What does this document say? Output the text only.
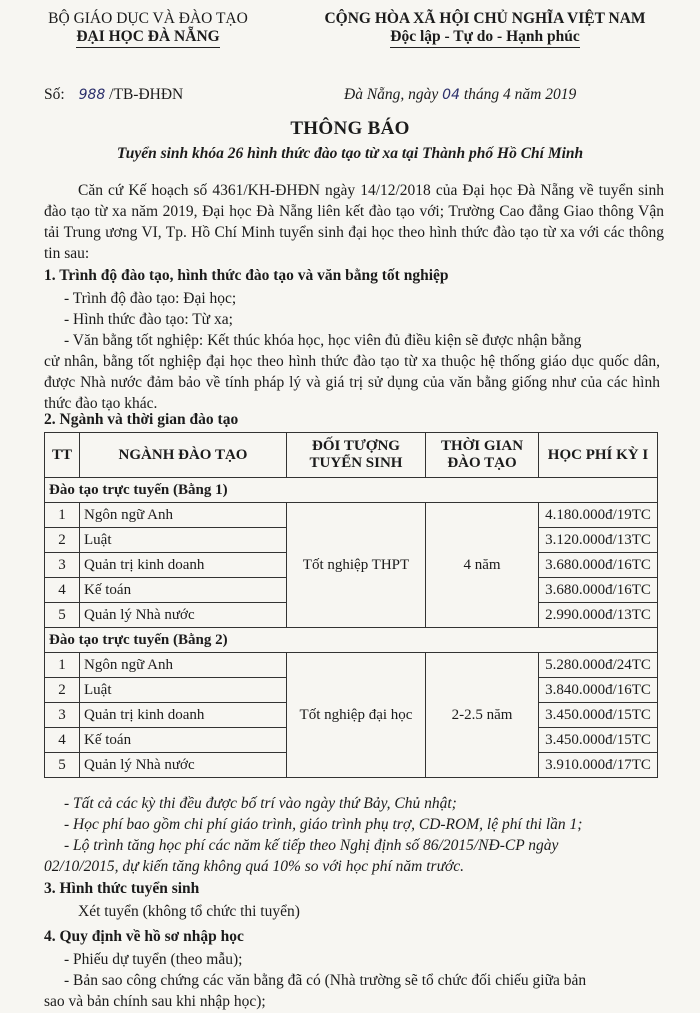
BỘ GIÁO DỤC VÀ ĐÀO TẠO
ĐẠI HỌC ĐÀ NẴNG
CỘNG HÒA XÃ HỘI CHỦ NGHĨA VIỆT NAM
Độc lập - Tự do - Hạnh phúc
Số: 988 /TB-ĐHĐN	Đà Nẵng, ngày 04 tháng 4 năm 2019
THÔNG BÁO
Tuyển sinh khóa 26 hình thức đào tạo từ xa tại Thành phố Hồ Chí Minh
Căn cứ Kế hoạch số 4361/KH-ĐHĐN ngày 14/12/2018 của Đại học Đà Nẵng về tuyển sinh đào tạo từ xa năm 2019, Đại học Đà Nẵng liên kết đào tạo với; Trường Cao đẳng Giao thông Vận tải Trung ương VI, Tp. Hồ Chí Minh tuyển sinh đại học theo hình thức đào tạo từ xa với các thông tin sau:
1. Trình độ đào tạo, hình thức đào tạo và văn bằng tốt nghiệp
- Trình độ đào tạo: Đại học;
- Hình thức đào tạo: Từ xa;
- Văn bằng tốt nghiệp: Kết thúc khóa học, học viên đủ điều kiện sẽ được nhận bằng
cử nhân, bằng tốt nghiệp đại học theo hình thức đào tạo từ xa thuộc hệ thống giáo dục quốc dân, được Nhà nước đảm bảo về tính pháp lý và giá trị sử dụng của văn bằng giống như của các hình thức đào tạo khác.
2. Ngành và thời gian đào tạo
TT	NGÀNH ĐÀO TẠO	ĐỐI TƯỢNG TUYỂN SINH	THỜI GIAN ĐÀO TẠO	HỌC PHÍ KỲ I
Đào tạo trực tuyến (Bằng 1)				
1	Ngôn ngữ Anh	Tốt nghiệp THPT	4 năm	4.180.000đ/19TC
2	Luật			3.120.000đ/13TC
3	Quản trị kinh doanh			3.680.000đ/16TC
4	Kế toán			3.680.000đ/16TC
5	Quản lý Nhà nước			2.990.000đ/13TC
Đào tạo trực tuyến (Bằng 2)				
1	Ngôn ngữ Anh	Tốt nghiệp đại học	2-2.5 năm	5.280.000đ/24TC
2	Luật			3.840.000đ/16TC
3	Quản trị kinh doanh			3.450.000đ/15TC
4	Kế toán			3.450.000đ/15TC
5	Quản lý Nhà nước			3.910.000đ/17TC
- Tất cả các kỳ thi đều được bố trí vào ngày thứ Bảy, Chủ nhật;
- Học phí bao gồm chi phí giáo trình, giáo trình phụ trợ, CD-ROM, lệ phí thi lần 1;
- Lộ trình tăng học phí các năm kế tiếp theo Nghị định số 86/2015/NĐ-CP ngày
02/10/2015, dự kiến tăng không quá 10% so với học phí năm trước.
3. Hình thức tuyển sinh
Xét tuyển (không tổ chức thi tuyển)
4. Quy định về hồ sơ nhập học
- Phiếu dự tuyển (theo mẫu);
- Bản sao công chứng các văn bằng đã có (Nhà trường sẽ tổ chức đối chiếu giữa bản
sao và bản chính sau khi nhập học);
